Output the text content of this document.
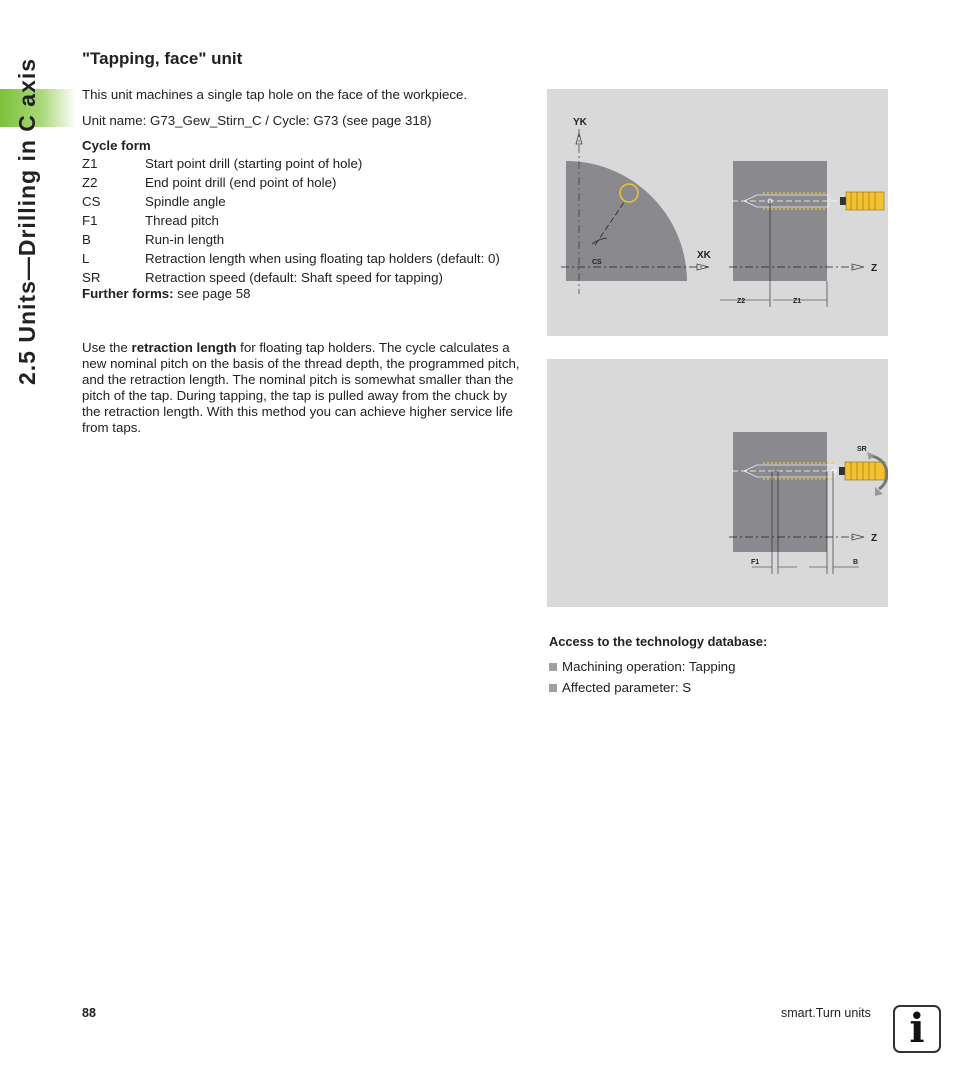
2.5 Units—Drilling in C axis "Tapping, face" unit
This unit machines a single tap hole on the face of the workpiece.
Unit name: G73_Gew_Stirn_C / Cycle: G73 (see page 318)
Cycle form
Z1	Start point drill (starting point of hole)
Z2	End point drill (end point of hole)
CS	Spindle angle
F1	Thread pitch
B	Run-in length
L	Retraction length when using floating tap holders (default: 0)
SR	Retraction speed (default: Shaft speed for tapping)
Further forms: see page 58
Use the retraction length for floating tap holders. The cycle calculates a new nominal pitch on the basis of the thread depth, the programmed pitch, and the retraction length. The nominal pitch is somewhat smaller than the pitch of the tap. During tapping, the tap is pulled away from the chuck by the retraction length. With this method you can achieve higher service life from taps.
YK
XK
CS
Z
Z2	Z1
SR
Z
F1	B
Access to the technology database:
Machining operation: Tapping
Affected parameter: S
88	smart.Turn units i
